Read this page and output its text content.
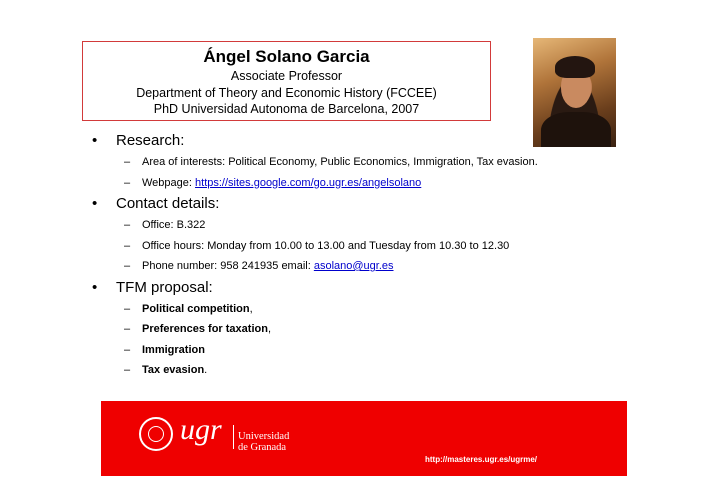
Ángel Solano Garcia
Associate Professor
Department of Theory and Economic History (FCCEE)
PhD Universidad Autonoma de Barcelona, 2007
•	Research:
– Area of interests: Political Economy, Public Economics, Immigration, Tax evasion.
– Webpage: https://sites.google.com/go.ugr.es/angelsolano
•	Contact details:
– Office: B.322
– Office hours: Monday from 10.00 to 13.00 and Tuesday from 10.30 to 12.30
– Phone number: 958 241935 email: asolano@ugr.es
•	TFM proposal:
– Political competition,
– Preferences for taxation,
– Immigration
– Tax evasion.
ugr Universidad
de Granada
http://masteres.ugr.es/ugrme/
